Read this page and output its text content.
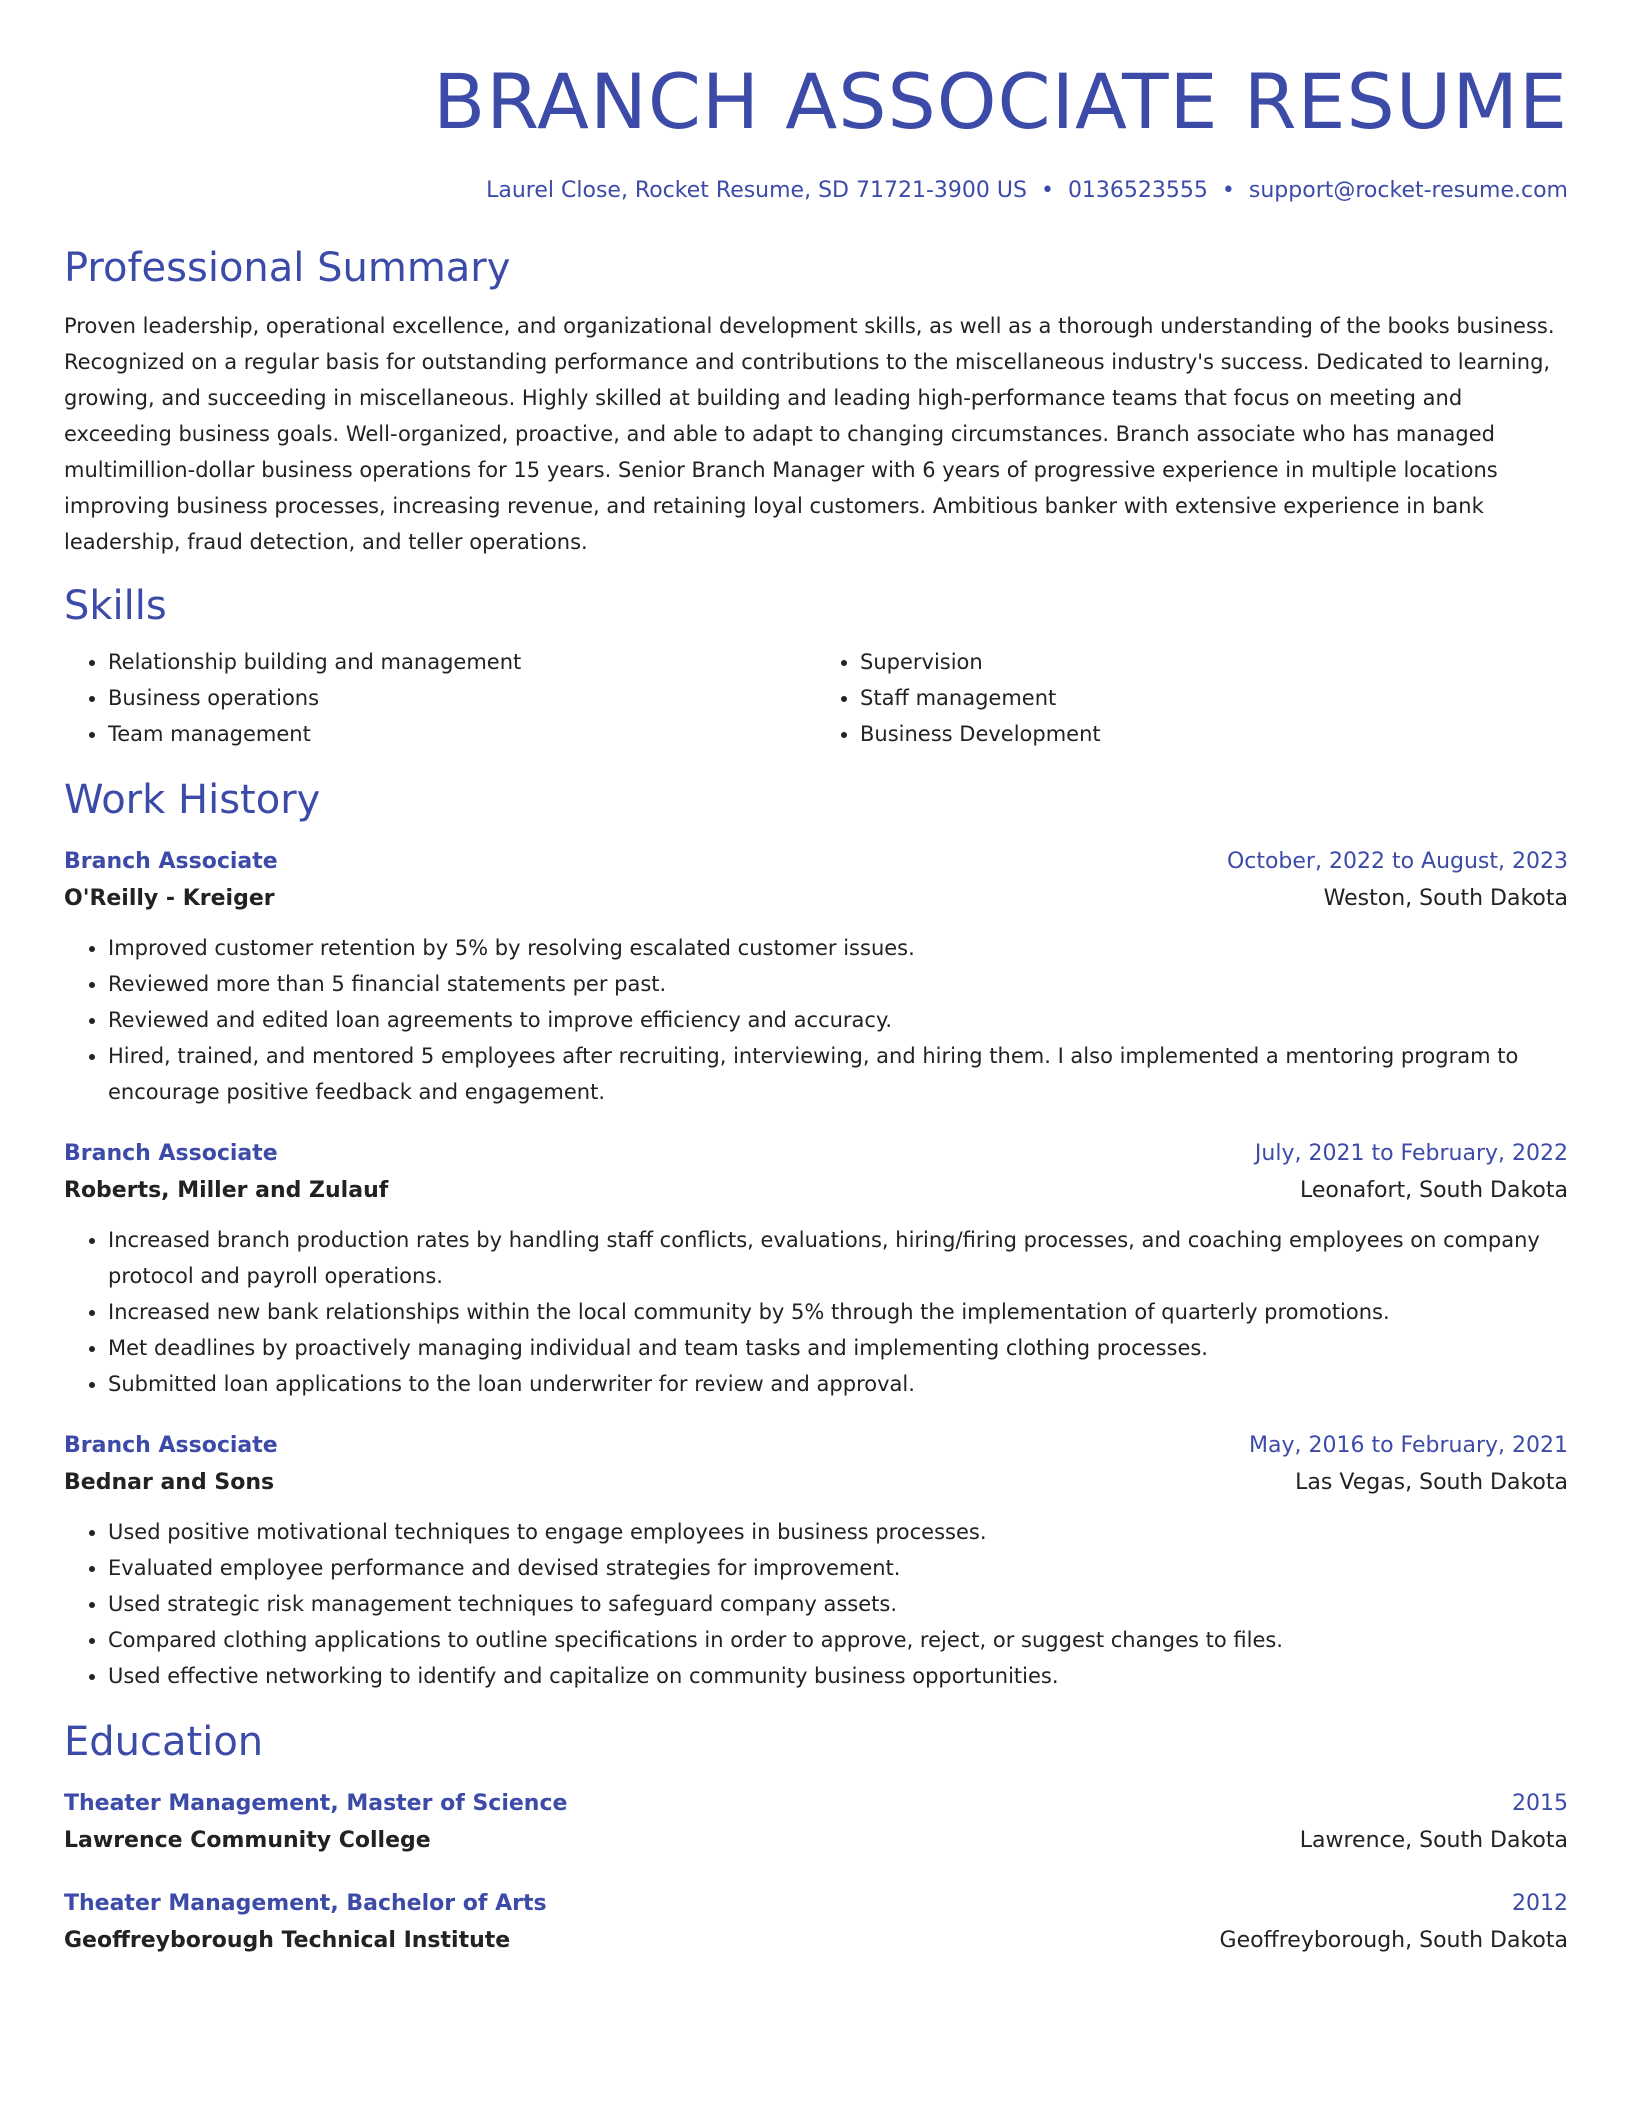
BRANCH ASSOCIATE RESUME
Laurel Close, Rocket Resume, SD 71721-3900 US • 0136523555 • support@rocket-resume.com
Professional Summary
Proven leadership, operational excellence, and organizational development skills, as well as a thorough understanding of the books business. Recognized on a regular basis for outstanding performance and contributions to the miscellaneous industry's success. Dedicated to learning, growing, and succeeding in miscellaneous. Highly skilled at building and leading high-performance teams that focus on meeting and exceeding business goals. Well-organized, proactive, and able to adapt to changing circumstances. Branch associate who has managed multimillion-dollar business operations for 15 years. Senior Branch Manager with 6 years of progressive experience in multiple locations improving business processes, increasing revenue, and retaining loyal customers. Ambitious banker with extensive experience in bank leadership, fraud detection, and teller operations.
Skills
• Relationship building and management
• Business operations
• Team management
• Supervision
• Staff management
• Business Development
Work History
Branch Associate	October, 2022 to August, 2023
O'Reilly - Kreiger	Weston, South Dakota
• Improved customer retention by 5% by resolving escalated customer issues.
• Reviewed more than 5 financial statements per past.
• Reviewed and edited loan agreements to improve efficiency and accuracy.
• Hired, trained, and mentored 5 employees after recruiting, interviewing, and hiring them. I also implemented a mentoring program to encourage positive feedback and engagement.
Branch Associate	July, 2021 to February, 2022
Roberts, Miller and Zulauf	Leonafort, South Dakota
• Increased branch production rates by handling staff conflicts, evaluations, hiring/firing processes, and coaching employees on company protocol and payroll operations.
• Increased new bank relationships within the local community by 5% through the implementation of quarterly promotions.
• Met deadlines by proactively managing individual and team tasks and implementing clothing processes.
• Submitted loan applications to the loan underwriter for review and approval.
Branch Associate	May, 2016 to February, 2021
Bednar and Sons	Las Vegas, South Dakota
• Used positive motivational techniques to engage employees in business processes.
• Evaluated employee performance and devised strategies for improvement.
• Used strategic risk management techniques to safeguard company assets.
• Compared clothing applications to outline specifications in order to approve, reject, or suggest changes to files.
• Used effective networking to identify and capitalize on community business opportunities.
Education
Theater Management, Master of Science	2015
Lawrence Community College	Lawrence, South Dakota
Theater Management, Bachelor of Arts	2012
Geoffreyborough Technical Institute	Geoffreyborough, South Dakota
